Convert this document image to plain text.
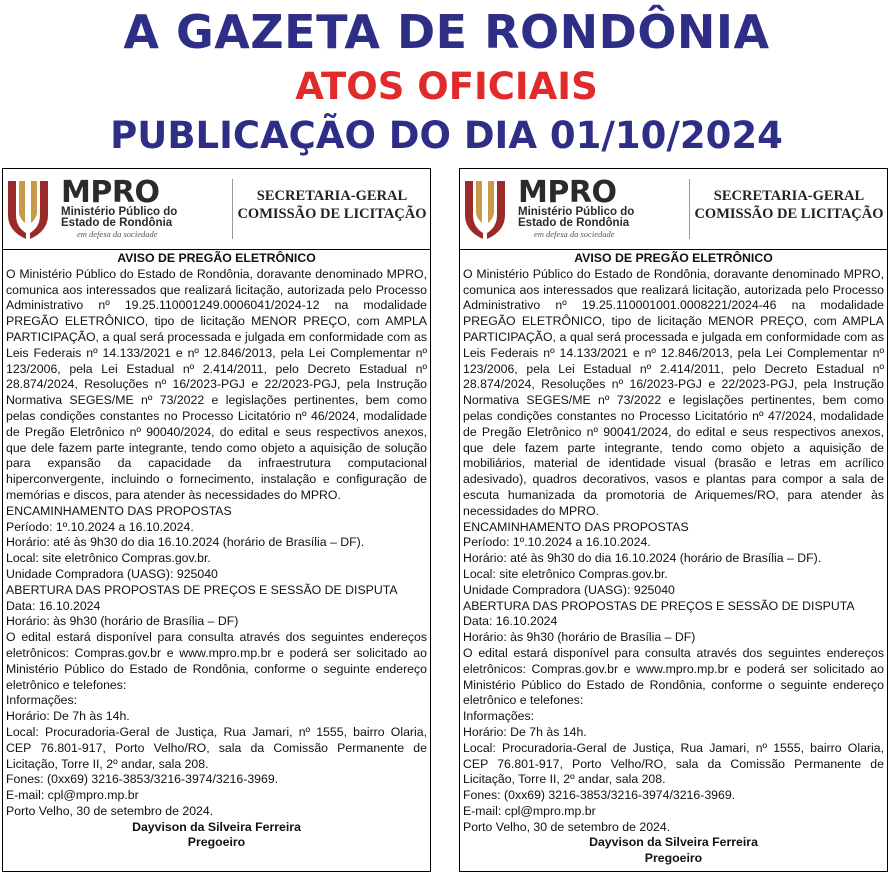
A GAZETA DE RONDÔNIA
ATOS OFICIAIS
PUBLICAÇÃO DO DIA 01/10/2024
MPRO
Ministério Público do
Estado de Rondônia
em defesa da sociedade
SECRETARIA-GERAL
COMISSÃO DE LICITAÇÃO

AVISO DE PREGÃO ELETRÔNICO

O Ministério Público do Estado de Rondônia, doravante denominado MPRO, comunica aos interessados que realizará licitação, autorizada pelo Processo Administrativo nº 19.25.110001249.0006041/2024-12 na modalidade PREGÃO ELETRÔNICO, tipo de licitação MENOR PREÇO, com AMPLA PARTICIPAÇÃO, a qual será processada e julgada em conformidade com as Leis Federais nº 14.133/2021 e nº 12.846/2013, pela Lei Complementar nº 123/2006, pela Lei Estadual nº 2.414/2011, pelo Decreto Estadual nº 28.874/2024, Resoluções nº 16/2023-PGJ e 22/2023-PGJ, pela Instrução Normativa SEGES/ME nº 73/2022 e legislações pertinentes, bem como pelas condições constantes no Processo Licitatório nº 46/2024, modalidade de Pregão Eletrônico nº 90040/2024, do edital e seus respectivos anexos, que dele fazem parte integrante, tendo como objeto a aquisição de solução para expansão da capacidade da infraestrutura computacional hiperconvergente, incluindo o fornecimento, instalação e configuração de memórias e discos, para atender às necessidades do MPRO.

ENCAMINHAMENTO DAS PROPOSTAS

Período: 1º.10.2024 a 16.10.2024.

Horário: até às 9h30 do dia 16.10.2024 (horário de Brasília – DF).

Local: site eletrônico Compras.gov.br.

Unidade Compradora (UASG): 925040

ABERTURA DAS PROPOSTAS DE PREÇOS E SESSÃO DE DISPUTA

Data: 16.10.2024

Horário: às 9h30 (horário de Brasília – DF)

O edital estará disponível para consulta através dos seguintes endereços eletrônicos: Compras.gov.br e www.mpro.mp.br e poderá ser solicitado ao Ministério Público do Estado de Rondônia, conforme o seguinte endereço eletrônico e telefones:

Informações:

Horário: De 7h às 14h.

Local: Procuradoria-Geral de Justiça, Rua Jamari, nº 1555, bairro Olaria, CEP 76.801-917, Porto Velho/RO, sala da Comissão Permanente de Licitação, Torre II, 2º andar, sala 208.

Fones: (0xx69) 3216-3853/3216-3974/3216-3969.

E-mail: cpl@mpro.mp.br

Porto Velho, 30 de setembro de 2024.

Dayvison da Silveira Ferreira

Pregoeiro

MPRO
Ministério Público do
Estado de Rondônia
em defesa da sociedade
SECRETARIA-GERAL
COMISSÃO DE LICITAÇÃO

AVISO DE PREGÃO ELETRÔNICO

O Ministério Público do Estado de Rondônia, doravante denominado MPRO, comunica aos interessados que realizará licitação, autorizada pelo Processo Administrativo nº 19.25.110001001.0008221/2024-46 na modalidade PREGÃO ELETRÔNICO, tipo de licitação MENOR PREÇO, com AMPLA PARTICIPAÇÃO, a qual será processada e julgada em conformidade com as Leis Federais nº 14.133/2021 e nº 12.846/2013, pela Lei Complementar nº 123/2006, pela Lei Estadual nº 2.414/2011, pelo Decreto Estadual nº 28.874/2024, Resoluções nº 16/2023-PGJ e 22/2023-PGJ, pela Instrução Normativa SEGES/ME nº 73/2022 e legislações pertinentes, bem como pelas condições constantes no Processo Licitatório nº 47/2024, modalidade de Pregão Eletrônico nº 90041/2024, do edital e seus respectivos anexos, que dele fazem parte integrante, tendo como objeto a aquisição de mobiliários, material de identidade visual (brasão e letras em acrílico adesivado), quadros decorativos, vasos e plantas para compor a sala de escuta humanizada da promotoria de Ariquemes/RO, para atender às necessidades do MPRO.

ENCAMINHAMENTO DAS PROPOSTAS

Período: 1º.10.2024 a 16.10.2024.

Horário: até às 9h30 do dia 16.10.2024 (horário de Brasília – DF).

Local: site eletrônico Compras.gov.br.

Unidade Compradora (UASG): 925040

ABERTURA DAS PROPOSTAS DE PREÇOS E SESSÃO DE DISPUTA

Data: 16.10.2024

Horário: às 9h30 (horário de Brasília – DF)

O edital estará disponível para consulta através dos seguintes endereços eletrônicos: Compras.gov.br e www.mpro.mp.br e poderá ser solicitado ao Ministério Público do Estado de Rondônia, conforme o seguinte endereço eletrônico e telefones:

Informações:

Horário: De 7h às 14h.

Local: Procuradoria-Geral de Justiça, Rua Jamari, nº 1555, bairro Olaria, CEP 76.801-917, Porto Velho/RO, sala da Comissão Permanente de Licitação, Torre II, 2º andar, sala 208.

Fones: (0xx69) 3216-3853/3216-3974/3216-3969.

E-mail: cpl@mpro.mp.br

Porto Velho, 30 de setembro de 2024.

Dayvison da Silveira Ferreira

Pregoeiro
